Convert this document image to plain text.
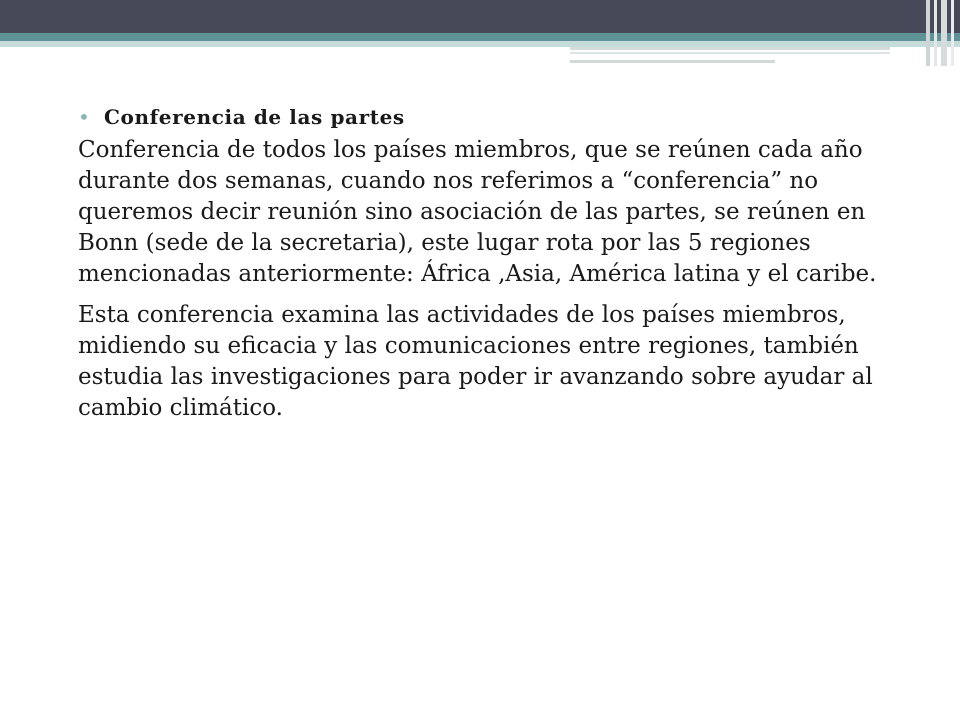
• Conferencia de las partes

Conferencia de todos los países miembros, que se reúnen cada año durante dos semanas, cuando nos referimos a “conferencia” no queremos decir reunión sino asociación de las partes, se reúnen en Bonn (sede de la secretaria), este lugar rota por las 5 regiones mencionadas anteriormente: África ,Asia, América latina y el caribe.

Esta conferencia examina las actividades de los países miembros, midiendo su eficacia y las comunicaciones entre regiones, también estudia las investigaciones para poder ir avanzando sobre ayudar al cambio climático.
